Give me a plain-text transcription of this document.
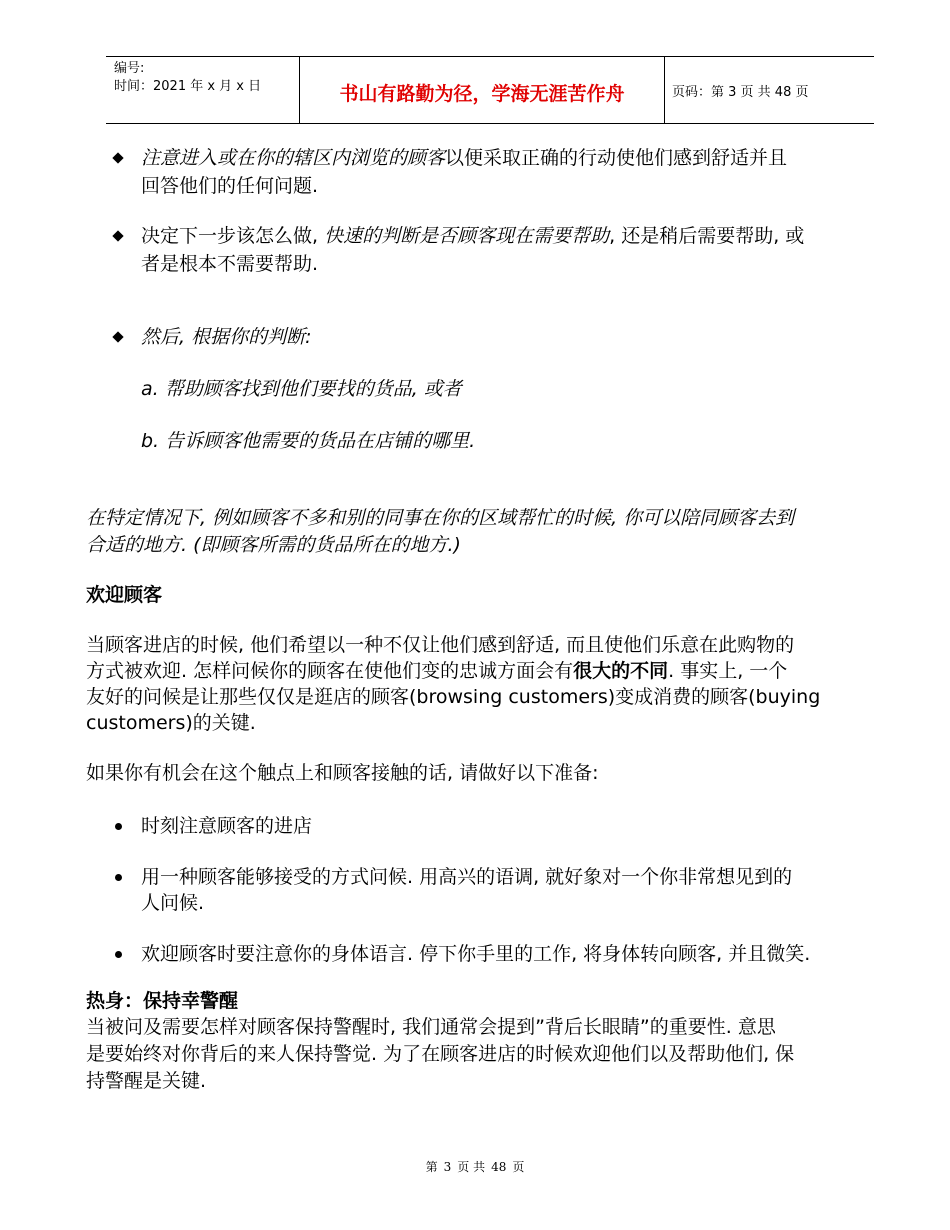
编号:
时间：2021 年 x 月 x 日	书山有路勤为径，学海无涯苦作舟	页码：第 3 页 共 48 页
注意进入或在你的辖区内浏览的顾客以便采取正确的行动使他们感到舒适并且
回答他们的任何问题.
决定下一步该怎么做, 快速的判断是否顾客现在需要帮助, 还是稍后需要帮助, 或
者是根本不需要帮助.
然后, 根据你的判断:
a. 帮助顾客找到他们要找的货品, 或者
b. 告诉顾客他需要的货品在店铺的哪里.
在特定情况下, 例如顾客不多和别的同事在你的区域帮忙的时候, 你可以陪同顾客去到
合适的地方. (即顾客所需的货品所在的地方.)
欢迎顾客
当顾客进店的时候, 他们希望以一种不仅让他们感到舒适, 而且使他们乐意在此购物的
方式被欢迎. 怎样问候你的顾客在使他们变的忠诚方面会有很大的不同. 事实上, 一个
友好的问候是让那些仅仅是逛店的顾客(browsing customers)变成消费的顾客(buying
customers)的关键.
如果你有机会在这个触点上和顾客接触的话, 请做好以下准备:
时刻注意顾客的进店
用一种顾客能够接受的方式问候. 用高兴的语调, 就好象对一个你非常想见到的
人问候.
欢迎顾客时要注意你的身体语言. 停下你手里的工作, 将身体转向顾客, 并且微笑.
热身：保持幸警醒
当被问及需要怎样对顾客保持警醒时, 我们通常会提到”背后长眼睛”的重要性. 意思
是要始终对你背后的来人保持警觉. 为了在顾客进店的时候欢迎他们以及帮助他们, 保
持警醒是关键.
第 3 页 共 48 页
